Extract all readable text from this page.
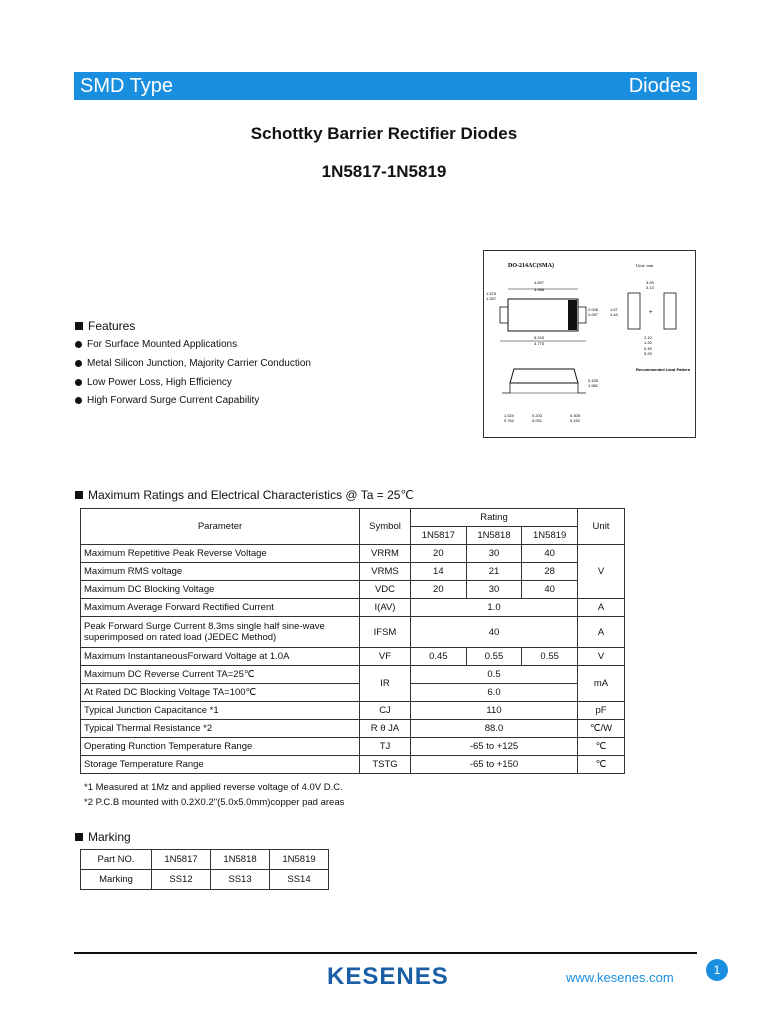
SMD Type	Diodes
Schottky Barrier Rectifier Diodes
1N5817-1N5819
DO-214AC(SMA)	Unit: mm
4.597
3.988
1.575
1.257
2.006
2.057
1.67
1.43
5.243
4.775
+
3.93
3.13
2.10
1.20
5.49
5.29
Recommended Land Pattern
2.435
1.981
1.524
0.762
0.203
0.051
0.305
0.152
Features
For Surface Mounted Applications
Metal Silicon Junction, Majority Carrier Conduction
Low Power Loss, High Efficiency
High Forward Surge Current Capability
Maximum Ratings and Electrical Characteristics @ Ta = 25℃
Parameter	Symbol	Rating			Unit
		1N5817	1N5818	1N5819	
Maximum Repetitive Peak Reverse Voltage	VRRM	20	30	40	V
Maximum RMS voltage	VRMS	14	21	28	
Maximum DC Blocking Voltage	VDC	20	30	40	
Maximum Average Forward Rectified Current	I(AV)	1.0			A
Peak Forward Surge Current 8.3ms single half sine-wave superimposed on rated load (JEDEC Method)	IFSM	40			A
Maximum InstantaneousForward Voltage at 1.0A	VF	0.45	0.55	0.55	V
Maximum DC Reverse Current TA=25℃	IR	0.5			mA
At Rated DC Blocking Voltage TA=100℃		6.0			
Typical Junction Capacitance *1	CJ	110			pF
Typical Thermal Resistance *2	R θ JA	88.0			℃/W
Operating Runction Temperature Range	TJ	-65 to +125			℃
Storage Temperature Range	TSTG	-65 to +150			℃
*1 Measured at 1Mz and applied reverse voltage of 4.0V D.C.
*2 P.C.B mounted with 0.2X0.2"(5.0x5.0mm)copper pad areas
Marking
Part NO.	1N5817	1N5818	1N5819
Marking	SS12	SS13	SS14
KESENES	www.kesenes.com	1
